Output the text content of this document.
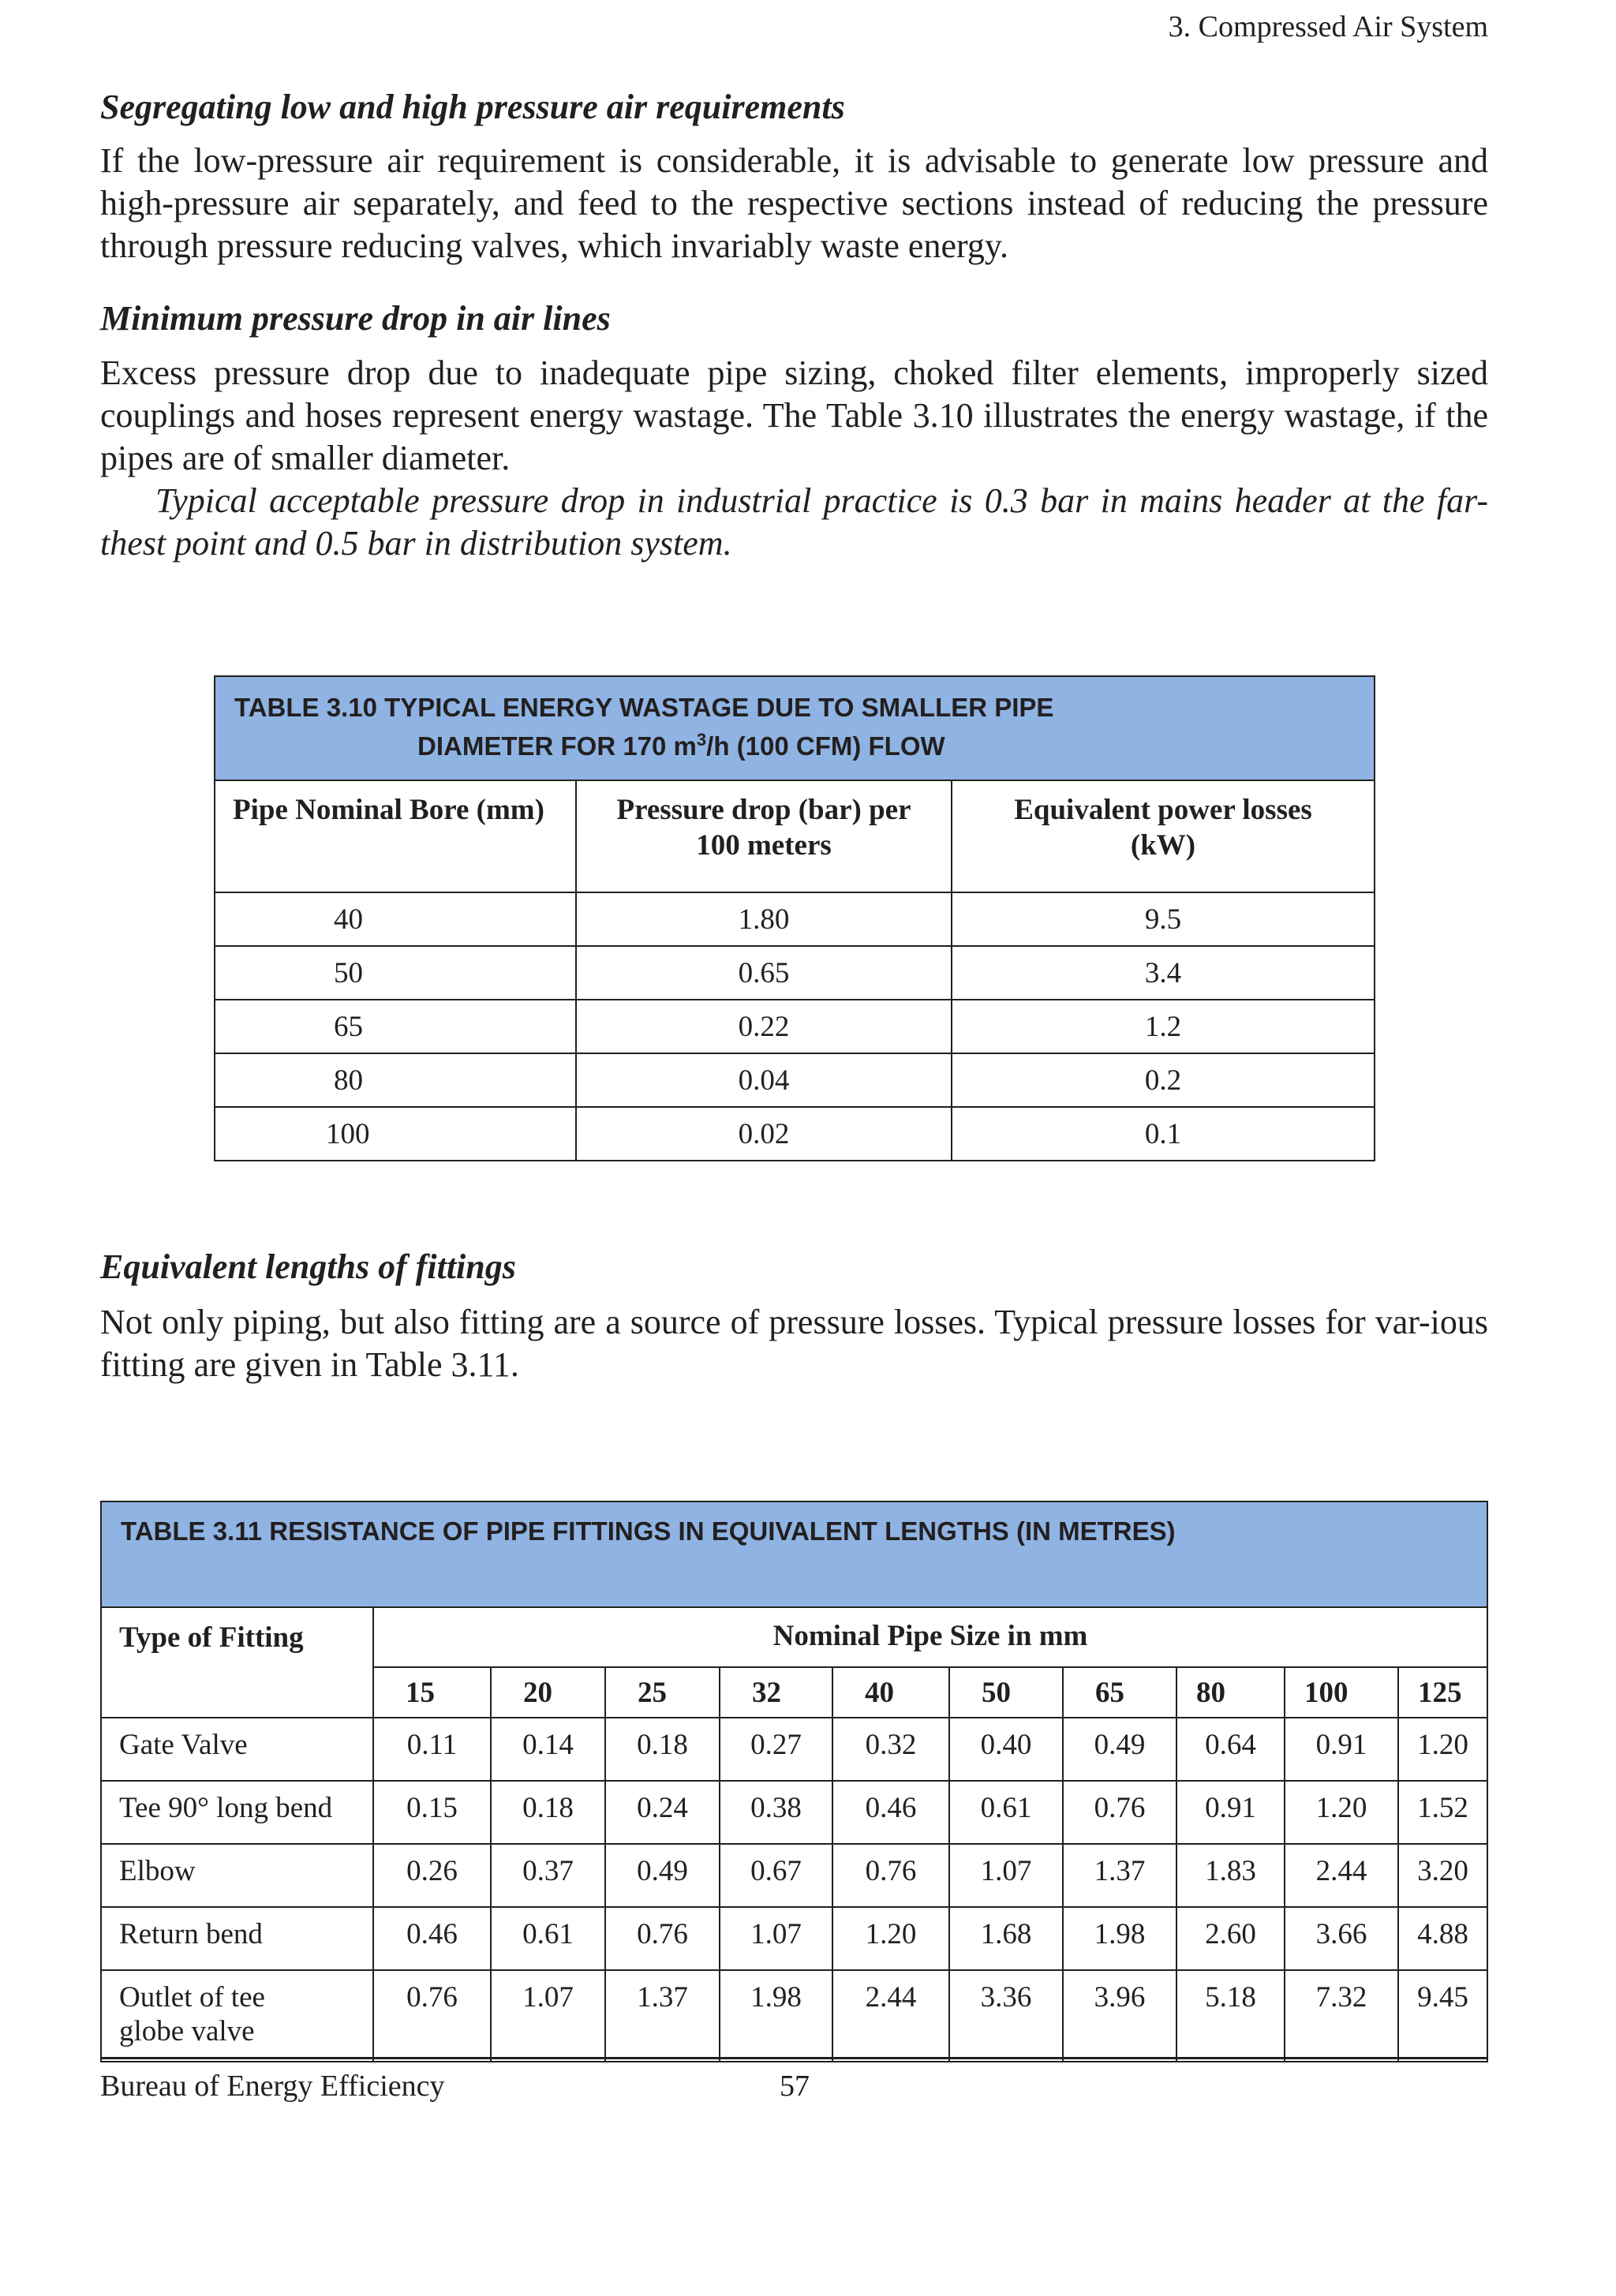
3. Compressed Air System
Segregating low and high pressure air requirements
If the low-pressure air requirement is considerable, it is advisable to generate low pressure and high-pressure air separately, and feed to the respective sections instead of reducing the pressure through pressure reducing valves, which invariably waste energy.
Minimum pressure drop in air lines
Excess pressure drop due to inadequate pipe sizing, choked filter elements, improperly sized couplings and hoses represent energy wastage. The Table 3.10 illustrates the energy wastage, if the pipes are of smaller diameter.
Typical acceptable pressure drop in industrial practice is 0.3 bar in mains header at the far-thest point and 0.5 bar in distribution system.
TABLE 3.10 TYPICAL ENERGY WASTAGE DUE TO SMALLER PIPE
DIAMETER FOR 170 $m^3/h$ (100 CFM) FLOW		

Pipe Nominal Bore (mm)	Pressure drop (bar) per 100 meters	Equivalent power losses (kW)

40	1.80	9.5
50	0.65	3.4
65	0.22	1.2
80	0.04	0.2
100	0.02	0.1
Equivalent lengths of fittings
Not only piping, but also fitting are a source of pressure losses. Typical pressure losses for var-ious fitting are given in Table 3.11.
TABLE 3.11 RESISTANCE OF PIPE FITTINGS IN EQUIVALENT LENGTHS (IN METRES)										
Type of Fitting	Nominal Pipe Size in mm									
	15	20	25	32	40	50	65	80	100	125
Gate Valve	0.11	0.14	0.18	0.27	0.32	0.40	0.49	0.64	0.91	1.20
Tee 90° long bend	0.15	0.18	0.24	0.38	0.46	0.61	0.76	0.91	1.20	1.52
Elbow	0.26	0.37	0.49	0.67	0.76	1.07	1.37	1.83	2.44	3.20
Return bend	0.46	0.61	0.76	1.07	1.20	1.68	1.98	2.60	3.66	4.88

Outlet of tee
globe valve	0.76	1.07	1.37	1.98	2.44	3.36	3.96	5.18	7.32	9.45
Bureau of Energy Efficiency	57
